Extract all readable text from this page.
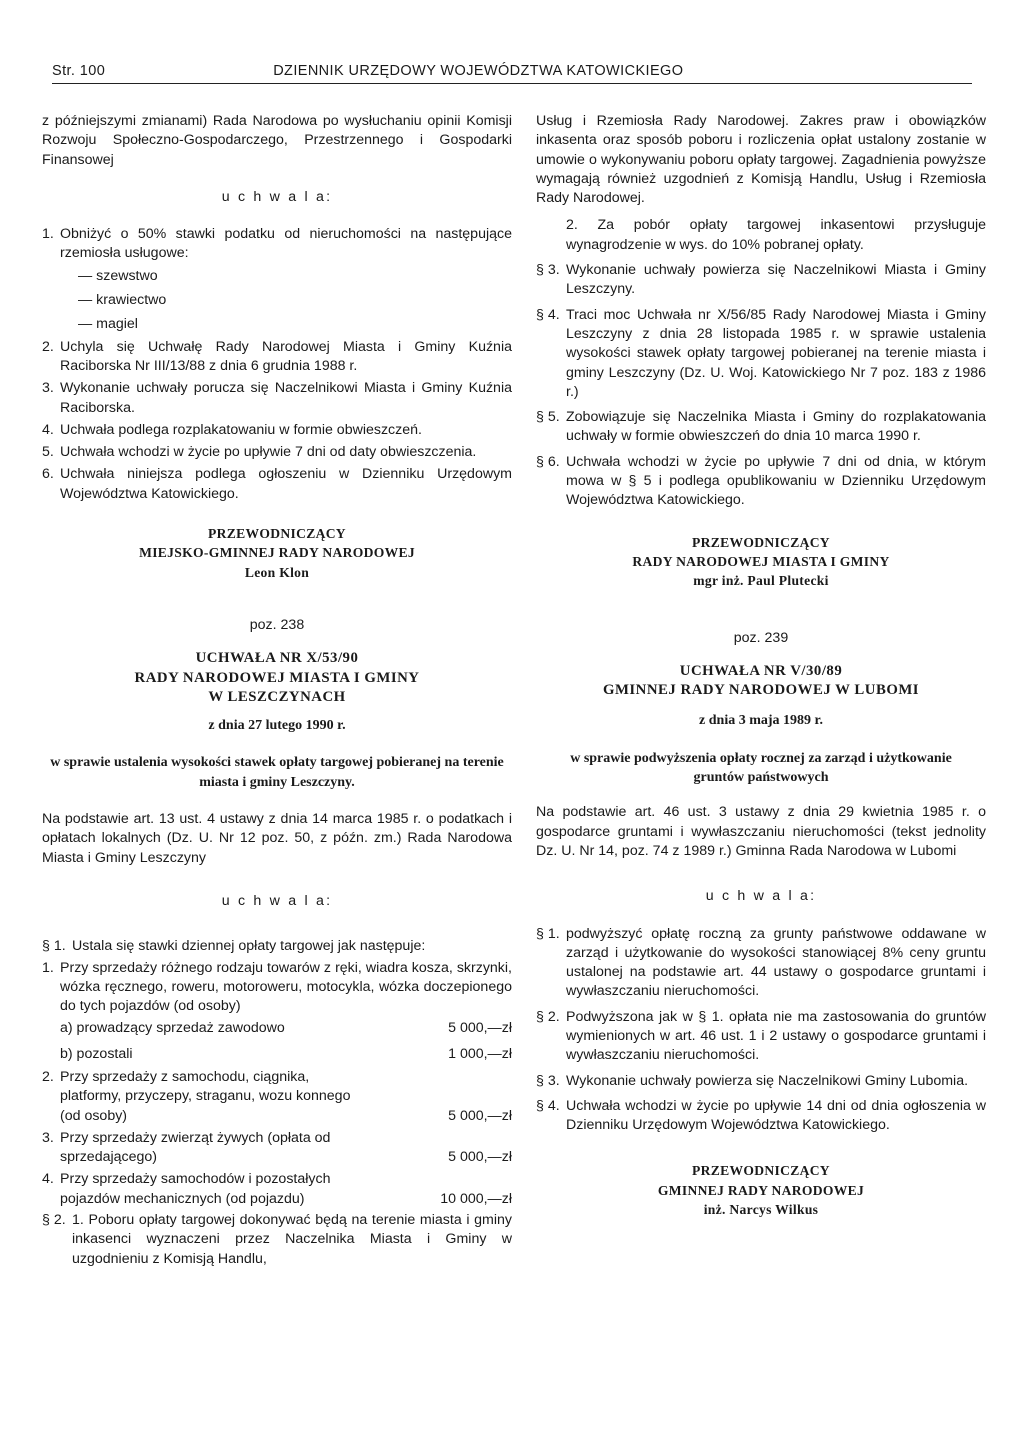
Str. 100	DZIENNIK URZĘDOWY WOJEWÓDZTWA KATOWICKIEGO

z późniejszymi zmianami) Rada Narodowa po wysłuchaniu opinii Komisji Rozwoju Społeczno-Gospodarczego, Przestrzennego i Gospodarki Finansowej

u c h w a l a:

1. Obniżyć o 50% stawki podatku od nieruchomości na następujące rzemiosła usługowe:

— szewstwo

— krawiectwo

— magiel

2. Uchyla się Uchwałę Rady Narodowej Miasta i Gminy Kuźnia Raciborska Nr III/13/88 z dnia 6 grudnia 1988 r.
3. Wykonanie uchwały porucza się Naczelnikowi Miasta i Gminy Kuźnia Raciborska.
4. Uchwała podlega rozplakatowaniu w formie obwieszczeń.
5. Uchwała wchodzi w życie po upływie 7 dni od daty obwieszczenia.
6. Uchwała niniejsza podlega ogłoszeniu w Dzienniku Urzędowym Województwa Katowickiego.

PRZEWODNICZĄCY

MIEJSKO-GMINNEJ RADY NARODOWEJ

Leon Klon

poz. 238

UCHWAŁA NR X/53/90

RADY NARODOWEJ MIASTA I GMINY

W LESZCZYNACH

z dnia 27 lutego 1990 r.

w sprawie ustalenia wysokości stawek opłaty targowej pobieranej na terenie miasta i gminy Leszczyny.

Na podstawie art. 13 ust. 4 ustawy z dnia 14 marca 1985 r. o podatkach i opłatach lokalnych (Dz. U. Nr 12 poz. 50, z późn. zm.) Rada Narodowa Miasta i Gminy Leszczyny

u c h w a l a:

§ 1. Ustala się stawki dziennej opłaty targowej jak następuje:
1. Przy sprzedaży różnego rodzaju towarów z ręki, wiadra kosza, skrzynki, wózka ręcznego, roweru, motoroweru, motocykla, wózka doczepionego do tych pojazdów (od osoby)
a) prowadzący sprzedaż zawodowo	5 000,—zł
b) pozostali	1 000,—zł
2. Przy sprzedaży z samochodu, ciągnika, platformy, przyczepy, straganu, wozu konnego (od osoby)	5 000,—zł
3. Przy sprzedaży zwierząt żywych (opłata od sprzedającego)	5 000,—zł
4. Przy sprzedaży samochodów i pozostałych pojazdów mechanicznych (od pojazdu)	10 000,—zł
§ 2. 1. Poboru opłaty targowej dokonywać będą na terenie miasta i gminy inkasenci wyznaczeni przez Naczelnika Miasta i Gminy w uzgodnieniu z Komisją Handlu,

Usług i Rzemiosła Rady Narodowej. Zakres praw i obowiązków inkasenta oraz sposób poboru i rozliczenia opłat ustalony zostanie w umowie o wykonywaniu poboru opłaty targowej. Zagadnienia powyższe wymagają również uzgodnień z Komisją Handlu, Usług i Rzemiosła Rady Narodowej.

2. Za pobór opłaty targowej inkasentowi przysługuje wynagrodzenie w wys. do 10% pobranej opłaty.

§ 3. Wykonanie uchwały powierza się Naczelnikowi Miasta i Gminy Leszczyny.
§ 4. Traci moc Uchwała nr X/56/85 Rady Narodowej Miasta i Gminy Leszczyny z dnia 28 listopada 1985 r. w sprawie ustalenia wysokości stawek opłaty targowej pobieranej na terenie miasta i gminy Leszczyny (Dz. U. Woj. Katowickiego Nr 7 poz. 183 z 1986 r.)
§ 5. Zobowiązuje się Naczelnika Miasta i Gminy do rozplakatowania uchwały w formie obwieszczeń do dnia 10 marca 1990 r.
§ 6. Uchwała wchodzi w życie po upływie 7 dni od dnia, w którym mowa w § 5 i podlega opublikowaniu w Dzienniku Urzędowym Województwa Katowickiego.

PRZEWODNICZĄCY

RADY NARODOWEJ MIASTA I GMINY

mgr inż. Paul Plutecki

poz. 239

UCHWAŁA NR V/30/89

GMINNEJ RADY NARODOWEJ W LUBOMI

z dnia 3 maja 1989 r.

w sprawie podwyższenia opłaty rocznej za zarząd i użytkowanie gruntów państwowych

Na podstawie art. 46 ust. 3 ustawy z dnia 29 kwietnia 1985 r. o gospodarce gruntami i wywłaszczaniu nieruchomości (tekst jednolity Dz. U. Nr 14, poz. 74 z 1989 r.) Gminna Rada Narodowa w Lubomi

u c h w a l a:

§ 1. podwyższyć opłatę roczną za grunty państwowe oddawane w zarząd i użytkowanie do wysokości stanowiącej 8% ceny gruntu ustalonej na podstawie art. 44 ustawy o gospodarce gruntami i wywłaszczaniu nieruchomości.
§ 2. Podwyższona jak w § 1. opłata nie ma zastosowania do gruntów wymienionych w art. 46 ust. 1 i 2 ustawy o gospodarce gruntami i wywłaszczaniu nieruchomości.
§ 3. Wykonanie uchwały powierza się Naczelnikowi Gminy Lubomia.
§ 4. Uchwała wchodzi w życie po upływie 14 dni od dnia ogłoszenia w Dzienniku Urzędowym Województwa Katowickiego.

PRZEWODNICZĄCY

GMINNEJ RADY NARODOWEJ

inż. Narcys Wilkus
